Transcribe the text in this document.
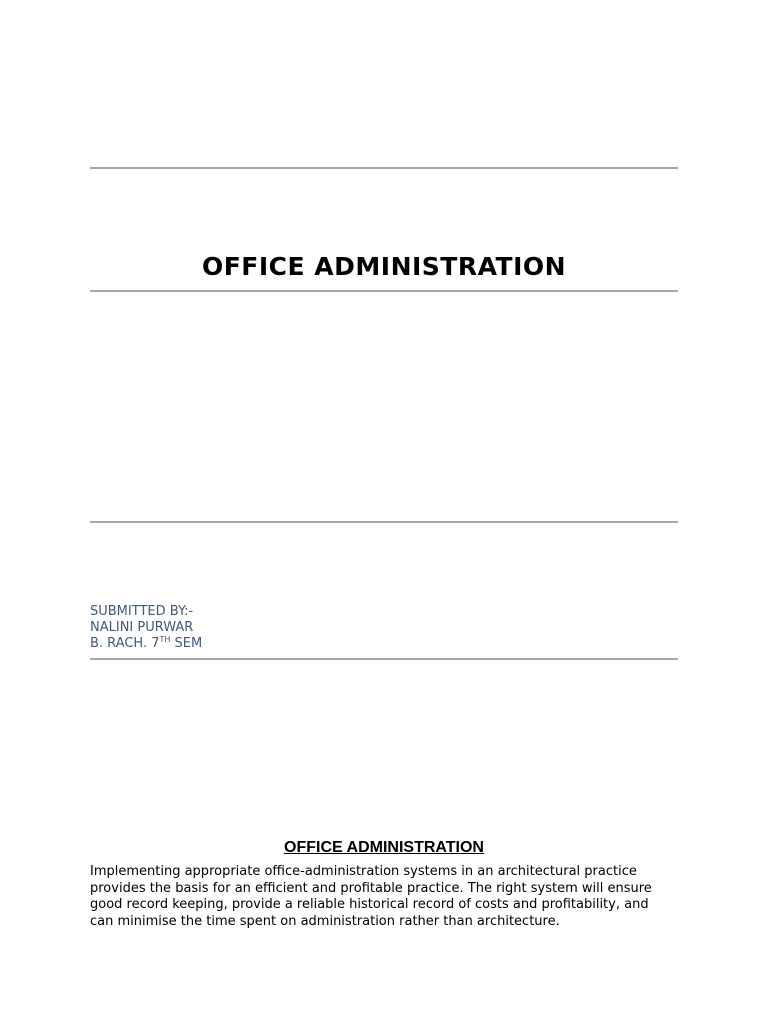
OFFICE ADMINISTRATION
SUBMITTED BY:-
NALINI PURWAR
B. RACH. 7TH SEM
OFFICE ADMINISTRATION

Implementing appropriate office-administration systems in an architectural practice
provides the basis for an efficient and profitable practice. The right system will ensure
good record keeping, provide a reliable historical record of costs and profitability, and
can minimise the time spent on administration rather than architecture.
